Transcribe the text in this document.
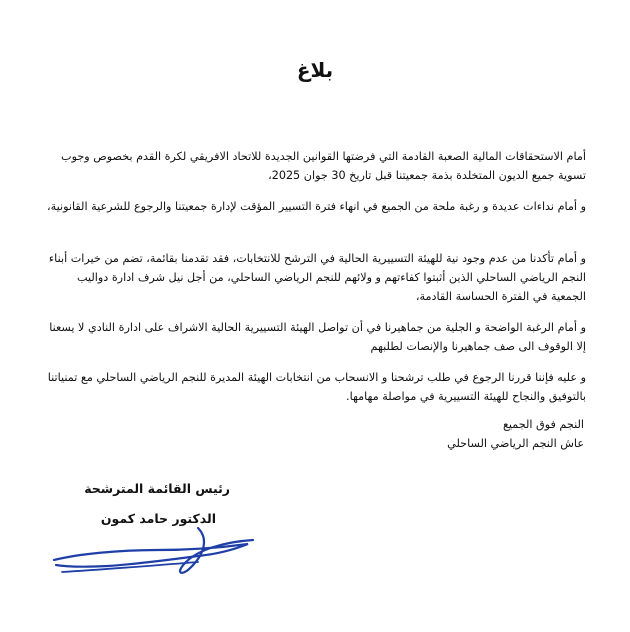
بلاغ

أمام الاستحقاقات المالية الصعبة القادمة التي فرضتها القوانين الجديدة للاتحاد الافريقي لكرة القدم بخصوص وجوب تسوية جميع الديون المتخلدة بذمة جمعيتنا قبل تاريخ 30 جوان 2025،

و أمام نداءات عديدة و رغبة ملحة من الجميع في انهاء فترة التسيير المؤقت لإدارة جمعيتنا والرجوع للشرعية القانونية،

و أمام تأكدنا من عدم وجود نية للهيئة التسييرية الحالية في الترشح للانتخابات، فقد تقدمنا بقائمة، تضم من خيرات أبناء النجم الرياضي الساحلي الذين أثبتوا كفاءتهم و ولائهم للنجم الرياضي الساحلي، من أجل نيل شرف ادارة دواليب الجمعية في الفترة الحساسة القادمة،

و أمام الرغبة الواضحة و الجلية من جماهيرنا في أن تواصل الهيئة التسييرية الحالية الاشراف على ادارة النادي لا يسعنا إلا الوقوف الى صف جماهيرنا والإنصات لطلبهم

و عليه فإننا قررنا الرجوع في طلب ترشحنا و الانسحاب من انتخابات الهيئة المديرة للنجم الرياضي الساحلي مع تمنياتنا بالتوفيق والنجاح للهيئة التسييرية في مواصلة مهامها.

النجم فوق الجميع
عاش النجم الرياضي الساحلي
رئيس القائمة المترشحة
الدكتور حامد كمون
